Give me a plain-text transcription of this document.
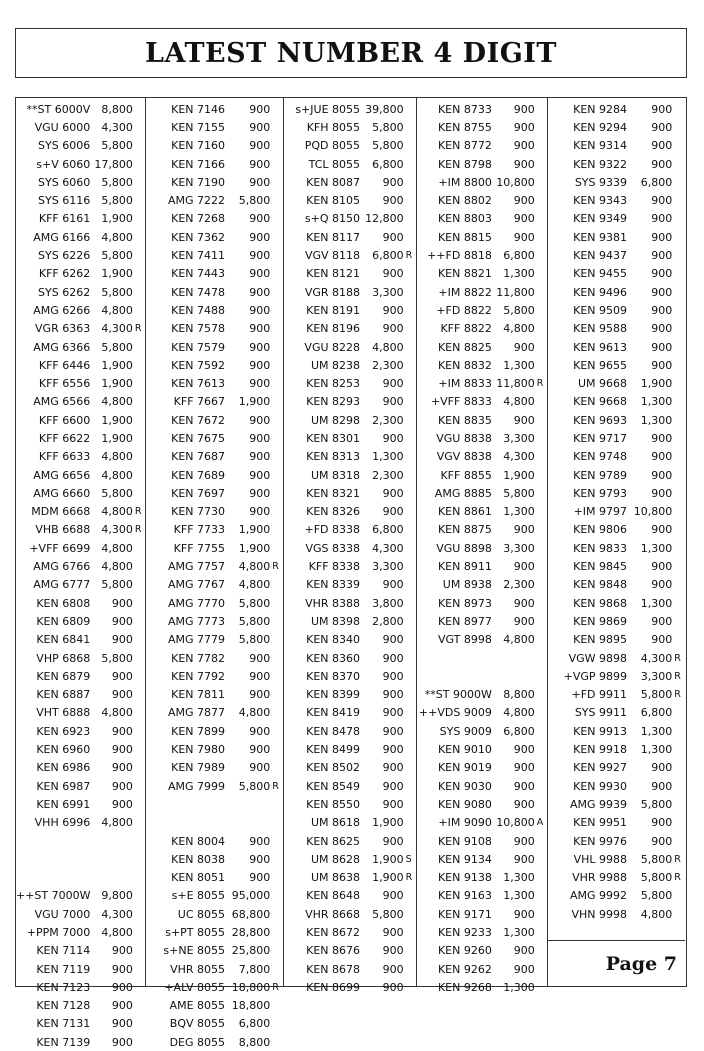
LATEST NUMBER 4 DIGIT
**ST 6000V	8,800
VGU 6000	4,300
SYS 6006	5,800
s+V 6060 17,800
SYS 6060	5,800
SYS 6116	5,800
KFF 6161	1,900
AMG 6166	4,800
SYS 6226	5,800
KFF 6262	1,900
SYS 6262	5,800
AMG 6266	4,800
VGR 6363	4,300 R
AMG 6366	5,800
KFF 6446	1,900
KFF 6556	1,900
AMG 6566	4,800
KFF 6600	1,900
KFF 6622	1,900
KFF 6633	4,800
AMG 6656	4,800
AMG 6660	5,800
MDM 6668	4,800 R
VHB 6688	4,300 R
+VFF 6699	4,800
AMG 6766	4,800
AMG 6777	5,800
KEN 6808	900
KEN 6809	900
KEN 6841	900
VHP 6868	5,800
KEN 6879	900
KEN 6887	900
VHT 6888	4,800
KEN 6923	900
KEN 6960	900
KEN 6986	900
KEN 6987	900
KEN 6991	900
VHH 6996	4,800
++ST 7000W 9,800
VGU 7000	4,300
+PPM 7000	4,800
KEN 7114	900
KEN 7119	900
KEN 7123	900
KEN 7128	900
KEN 7131	900
KEN 7139	900
KEN 7146	900
KEN 7155	900
KEN 7160	900
KEN 7166	900
KEN 7190	900
AMG 7222	5,800
KEN 7268	900
KEN 7362	900
KEN 7411	900
KEN 7443	900
KEN 7478	900
KEN 7488	900
KEN 7578	900
KEN 7579	900
KEN 7592	900
KEN 7613	900
KFF 7667	1,900
KEN 7672	900
KEN 7675	900
KEN 7687	900
KEN 7689	900
KEN 7697	900
KEN 7730	900
KFF 7733	1,900
KFF 7755	1,900
AMG 7757	4,800 R
AMG 7767	4,800
AMG 7770	5,800
AMG 7773	5,800
AMG 7779	5,800
KEN 7782	900
KEN 7792	900
KEN 7811	900
AMG 7877	4,800
KEN 7899	900
KEN 7980	900
KEN 7989	900
AMG 7999	5,800 R
KEN 8004	900
KEN 8038	900
KEN 8051	900
s+E 8055 95,000
UC 8055 68,800
s+PT 8055 28,800
s+NE 8055 25,800
VHR 8055	7,800
+ALV 8055 18,800 R
AME 8055 18,800
BQV 8055	6,800
DEG 8055	8,800
s+JUE 8055 39,800
KFH 8055	5,800
PQD 8055	5,800
TCL 8055	6,800
KEN 8087	900
KEN 8105	900
s+Q 8150 12,800
KEN 8117	900
VGV 8118	6,800 R
KEN 8121	900
VGR 8188	3,300
KEN 8191	900
KEN 8196	900
VGU 8228	4,800
UM 8238	2,300
KEN 8253	900
KEN 8293	900
UM 8298	2,300
KEN 8301	900
KEN 8313	1,300
UM 8318	2,300
KEN 8321	900
KEN 8326	900
+FD 8338	6,800
VGS 8338	4,300
KFF 8338	3,300
KEN 8339	900
VHR 8388	3,800
UM 8398	2,800
KEN 8340	900
KEN 8360	900
KEN 8370	900
KEN 8399	900
KEN 8419	900
KEN 8478	900
KEN 8499	900
KEN 8502	900
KEN 8549	900
KEN 8550	900
UM 8618	1,900
KEN 8625	900
UM 8628	1,900 S
UM 8638	1,900 R
KEN 8648	900
VHR 8668	5,800
KEN 8672	900
KEN 8676	900
KEN 8678	900
KEN 8699	900
KEN 8733	900
KEN 8755	900
KEN 8772	900
KEN 8798	900
+IM 8800 10,800
KEN 8802	900
KEN 8803	900
KEN 8815	900
++FD 8818	6,800
KEN 8821	1,300
+IM 8822 11,800
+FD 8822	5,800
KFF 8822	4,800
KEN 8825	900
KEN 8832	1,300
+IM 8833 11,800 R
+VFF 8833	4,800
KEN 8835	900
VGU 8838	3,300
VGV 8838	4,300
KFF 8855	1,900
AMG 8885	5,800
KEN 8861	1,300
KEN 8875	900
VGU 8898	3,300
KEN 8911	900
UM 8938	2,300
KEN 8973	900
KEN 8977	900
VGT 8998	4,800
**ST 9000W	8,800
++VDS 9009	4,800
SYS 9009	6,800
KEN 9010	900
KEN 9019	900
KEN 9030	900
KEN 9080	900
+IM 9090 10,800 A
KEN 9108	900
KEN 9134	900
KEN 9138	1,300
KEN 9163	1,300
KEN 9171	900
KEN 9233	1,300
KEN 9260	900
KEN 9262	900
KEN 9268	1,300
KEN 9284	900
KEN 9294	900
KEN 9314	900
KEN 9322	900
SYS 9339	6,800
KEN 9343	900
KEN 9349	900
KEN 9381	900
KEN 9437	900
KEN 9455	900
KEN 9496	900
KEN 9509	900
KEN 9588	900
KEN 9613	900
KEN 9655	900
UM 9668	1,900
KEN 9668	1,300
KEN 9693	1,300
KEN 9717	900
KEN 9748	900
KEN 9789	900
KEN 9793	900
+IM 9797 10,800
KEN 9806	900
KEN 9833	1,300
KEN 9845	900
KEN 9848	900
KEN 9868	1,300
KEN 9869	900
KEN 9895	900
VGW 9898	4,300 R
+VGP 9899	3,300 R
+FD 9911	5,800 R
SYS 9911	6,800
KEN 9913	1,300
KEN 9918	1,300
KEN 9927	900
KEN 9930	900
AMG 9939	5,800
KEN 9951	900
KEN 9976	900
VHL 9988	5,800 R
VHR 9988	5,800 R
AMG 9992	5,800
VHN 9998	4,800
Page 7
